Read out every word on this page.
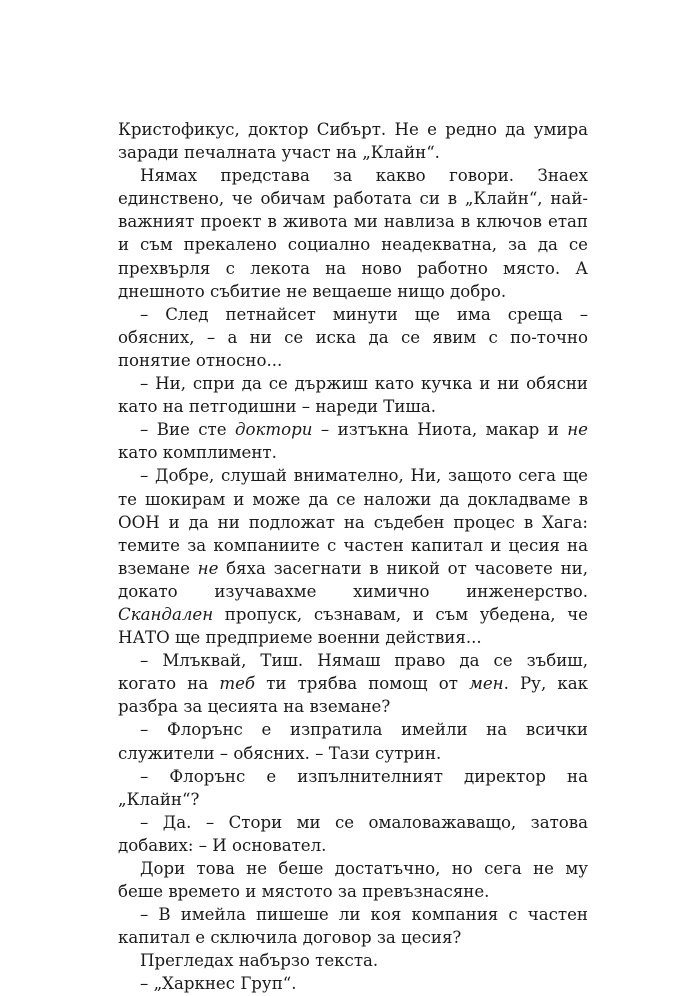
Кристофикус, доктор Сибърт. Не е редно да умира заради печалната участ на „Клайн“.

Нямах представа за какво говори. Знаех единствено, че обичам работата си в „Клайн“, най-важният проект в живота ми навлиза в ключов етап и съм прекалено социално неадекватна, за да се прехвърля с лекота на ново работно място. А днешното събитие не вещаеше нищо добро.

– След петнайсет минути ще има среща – обясних, – а ни се иска да се явим с по-точно понятие относно...

– Ни, спри да се държиш като кучка и ни обясни като на петгодишни – нареди Тиша.

– Вие сте доктори – изтъкна Ниота, макар и не като комплимент.

– Добре, слушай внимателно, Ни, защото сега ще те шокирам и може да се наложи да докладваме в ООН и да ни подложат на съдебен процес в Хага: темите за компаниите с частен капитал и цесия на вземане не бяха засегнати в никой от часовете ни, докато изучавахме химично инженерство. Скандален пропуск, съзнавам, и съм убедена, че НАТО ще предприеме военни действия...

– Млъквай, Тиш. Нямаш право да се зъбиш, когато на теб ти трябва помощ от мен. Ру, как разбра за цесията на вземане?

– Флорънс е изпратила имейли на всички служители – обясних. – Тази сутрин.

– Флорънс е изпълнителният директор на „Клайн“?

– Да. – Стори ми се омаловажаващо, затова добавих: – И основател.

Дори това не беше достатъчно, но сега не му беше времето и мястото за превъзнасяне.

– В имейла пишеше ли коя компания с частен капитал е сключила договор за цесия?

Прегледах набързо текста.

– „Харкнес Груп“.
